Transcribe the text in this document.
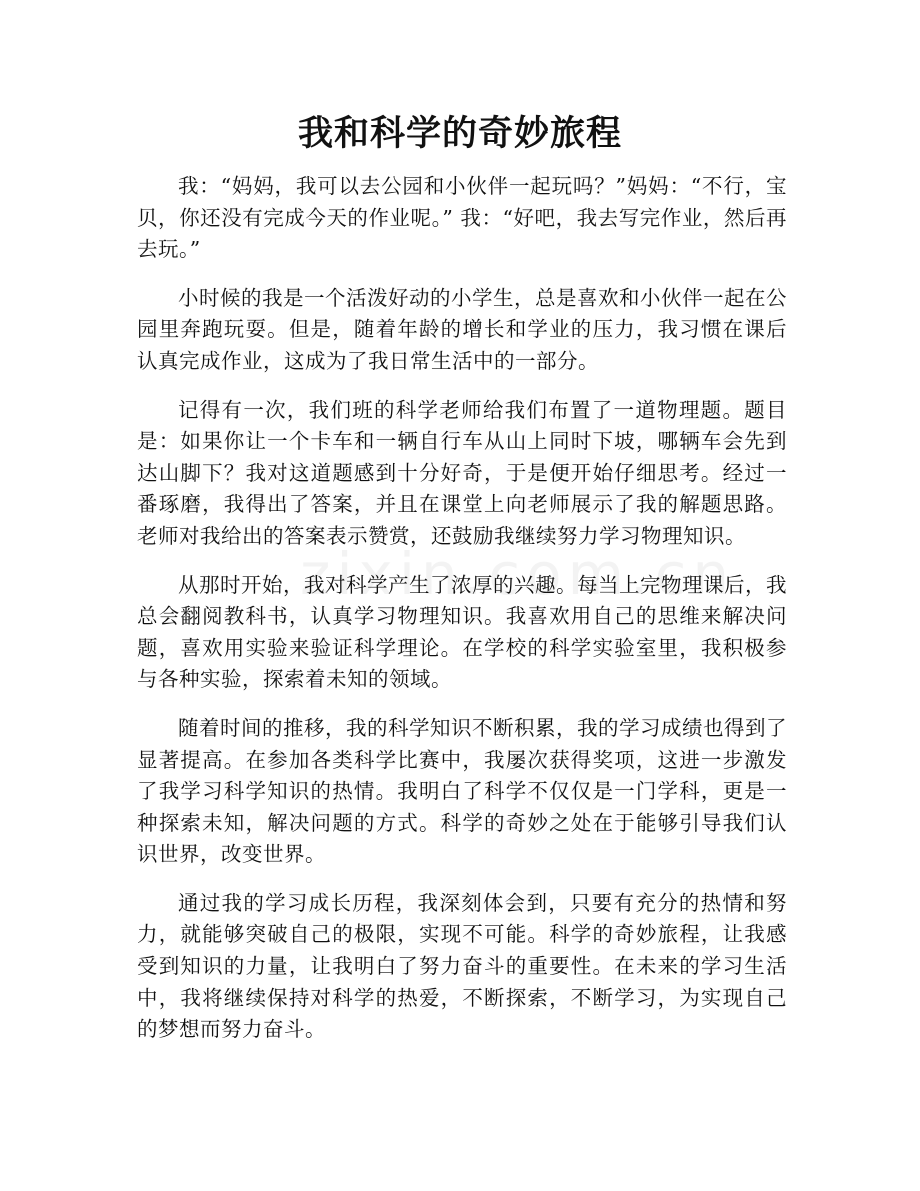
我和科学的奇妙旅程

我：“妈妈，我可以去公园和小伙伴一起玩吗？”妈妈：“不行，宝贝，你还没有完成今天的作业呢。” 我：“好吧，我去写完作业，然后再去玩。”

小时候的我是一个活泼好动的小学生，总是喜欢和小伙伴一起在公园里奔跑玩耍。但是，随着年龄的增长和学业的压力，我习惯在课后认真完成作业，这成为了我日常生活中的一部分。

记得有一次，我们班的科学老师给我们布置了一道物理题。题目是：如果你让一个卡车和一辆自行车从山上同时下坡，哪辆车会先到达山脚下？我对这道题感到十分好奇，于是便开始仔细思考。经过一番琢磨，我得出了答案，并且在课堂上向老师展示了我的解题思路。老师对我给出的答案表示赞赏，还鼓励我继续努力学习物理知识。

从那时开始，我对科学产生了浓厚的兴趣。每当上完物理课后，我总会翻阅教科书，认真学习物理知识。我喜欢用自己的思维来解决问题，喜欢用实验来验证科学理论。在学校的科学实验室里，我积极参与各种实验，探索着未知的领域。

随着时间的推移，我的科学知识不断积累，我的学习成绩也得到了显著提高。在参加各类科学比赛中，我屡次获得奖项，这进一步激发了我学习科学知识的热情。我明白了科学不仅仅是一门学科，更是一种探索未知，解决问题的方式。科学的奇妙之处在于能够引导我们认识世界，改变世界。

通过我的学习成长历程，我深刻体会到，只要有充分的热情和努力，就能够突破自己的极限，实现不可能。科学的奇妙旅程，让我感受到知识的力量，让我明白了努力奋斗的重要性。在未来的学习生活中，我将继续保持对科学的热爱，不断探索，不断学习，为实现自己的梦想而努力奋斗。
